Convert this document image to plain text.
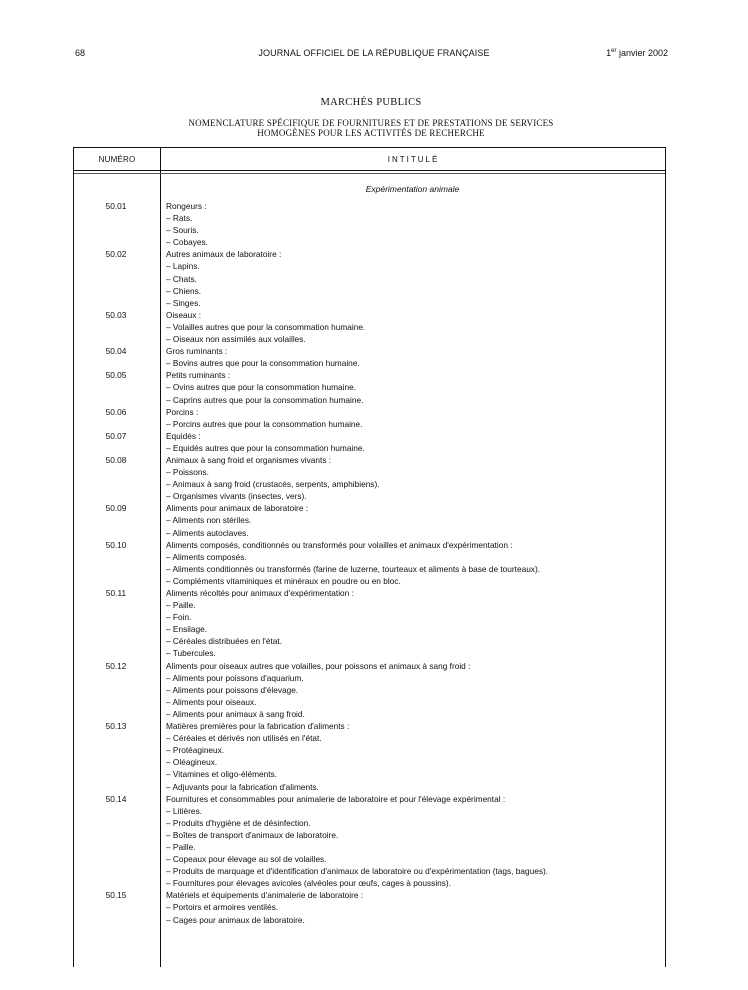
68	JOURNAL OFFICIEL DE LA RÉPUBLIQUE FRANÇAISE	1er janvier 2002
MARCHÉS PUBLICS
NOMENCLATURE SPÉCIFIQUE DE FOURNITURES ET DE PRESTATIONS DE SERVICES
HOMOGÈNES POUR LES ACTIVITÉS DE RECHERCHE
NUMÉRO	INTITULÉ
Expérimentation animale
50.01	Rongeurs :
– Rats.
– Souris.
– Cobayes.
50.02	Autres animaux de laboratoire :
– Lapins.
– Chats.
– Chiens.
– Singes.
50.03	Oiseaux :
– Volailles autres que pour la consommation humaine.
– Oiseaux non assimilés aux volailles.
50.04	Gros ruminants :
– Bovins autres que pour la consommation humaine.
50.05	Petits ruminants :
– Ovins autres que pour la consommation humaine.
– Caprins autres que pour la consommation humaine.
50.06	Porcins :
– Porcins autres que pour la consommation humaine.
50.07	Equidés :
– Equidés autres que pour la consommation humaine.
50.08	Animaux à sang froid et organismes vivants :
– Poissons.
– Animaux à sang froid (crustacés, serpents, amphibiens).
– Organismes vivants (insectes, vers).
50.09	Aliments pour animaux de laboratoire :
– Aliments non stériles.
– Aliments autoclaves.
50.10	Aliments composés, conditionnés ou transformés pour volailles et animaux d'expérimentation :
– Aliments composés.
– Aliments conditionnés ou transformés (farine de luzerne, tourteaux et aliments à base de tourteaux).
– Compléments vitaminiques et minéraux en poudre ou en bloc.
50.11	Aliments récoltés pour animaux d'expérimentation :
– Paille.
– Foin.
– Ensilage.
– Céréales distribuées en l'état.
– Tubercules.
50.12	Aliments pour oiseaux autres que volailles, pour poissons et animaux à sang froid :
– Aliments pour poissons d'aquarium.
– Aliments pour poissons d'élevage.
– Aliments pour oiseaux.
– Aliments pour animaux à sang froid.
50.13	Matières premières pour la fabrication d'aliments :
– Céréales et dérivés non utilisés en l'état.
– Protéagineux.
– Oléagineux.
– Vitamines et oligo-éléments.
– Adjuvants pour la fabrication d'aliments.
50.14	Fournitures et consommables pour animalerie de laboratoire et pour l'élevage expérimental :
– Litières.
– Produits d'hygiène et de désinfection.
– Boîtes de transport d'animaux de laboratoire.
– Paille.
– Copeaux pour élevage au sol de volailles.
– Produits de marquage et d'identification d'animaux de laboratoire ou d'expérimentation (tags, bagues).
– Fournitures pour élevages avicoles (alvéoles pour œufs, cages à poussins).
50.15	Matériels et équipements d'animalerie de laboratoire :
– Portoirs et armoires ventilés.
– Cages pour animaux de laboratoire.
